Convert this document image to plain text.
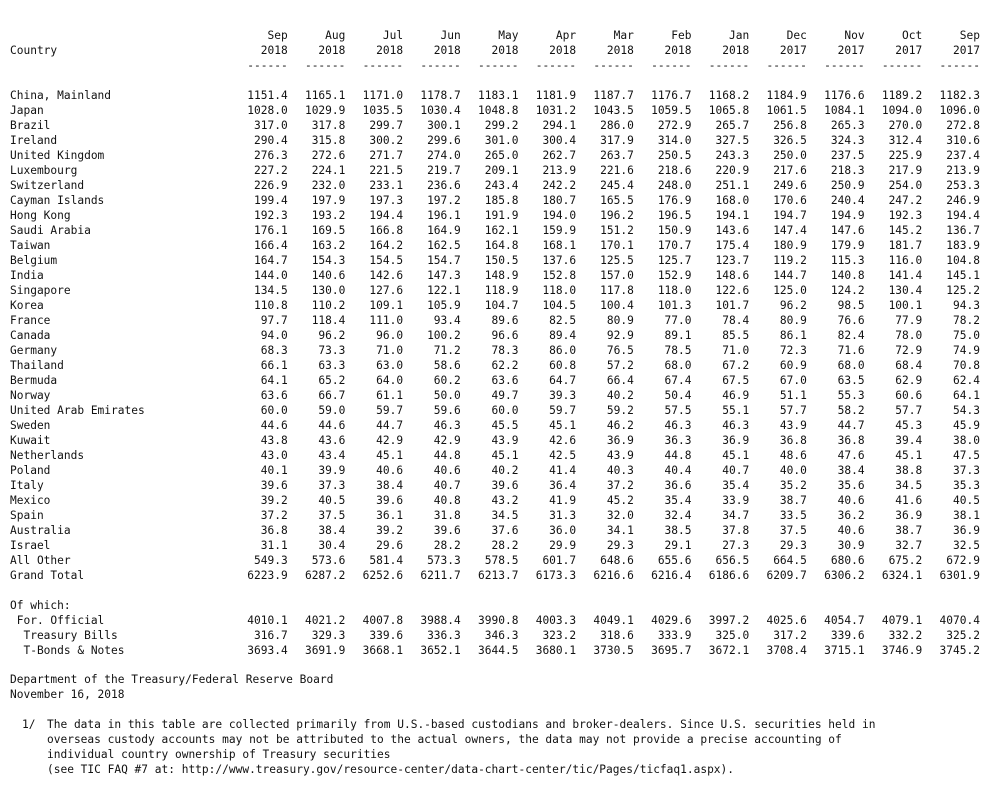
	Sep	Aug	Jul	Jun	May	Apr	Mar	Feb	Jan	Dec	Nov	Oct	Sep
Country	2018	2018	2018	2018	2018	2018	2018	2018	2018	2017	2017	2017	2017
	------	------	------	------	------	------	------	------	------	------	------	------	------

China, Mainland	1151.4	1165.1	1171.0	1178.7	1183.1	1181.9	1187.7	1176.7	1168.2	1184.9	1176.6	1189.2	1182.3
Japan	1028.0	1029.9	1035.5	1030.4	1048.8	1031.2	1043.5	1059.5	1065.8	1061.5	1084.1	1094.0	1096.0
Brazil	317.0	317.8	299.7	300.1	299.2	294.1	286.0	272.9	265.7	256.8	265.3	270.0	272.8
Ireland	290.4	315.8	300.2	299.6	301.0	300.4	317.9	314.0	327.5	326.5	324.3	312.4	310.6
United Kingdom	276.3	272.6	271.7	274.0	265.0	262.7	263.7	250.5	243.3	250.0	237.5	225.9	237.4
Luxembourg	227.2	224.1	221.5	219.7	209.1	213.9	221.6	218.6	220.9	217.6	218.3	217.9	213.9
Switzerland	226.9	232.0	233.1	236.6	243.4	242.2	245.4	248.0	251.1	249.6	250.9	254.0	253.3
Cayman Islands	199.4	197.9	197.3	197.2	185.8	180.7	165.5	176.9	168.0	170.6	240.4	247.2	246.9
Hong Kong	192.3	193.2	194.4	196.1	191.9	194.0	196.2	196.5	194.1	194.7	194.9	192.3	194.4
Saudi Arabia	176.1	169.5	166.8	164.9	162.1	159.9	151.2	150.9	143.6	147.4	147.6	145.2	136.7
Taiwan	166.4	163.2	164.2	162.5	164.8	168.1	170.1	170.7	175.4	180.9	179.9	181.7	183.9
Belgium	164.7	154.3	154.5	154.7	150.5	137.6	125.5	125.7	123.7	119.2	115.3	116.0	104.8
India	144.0	140.6	142.6	147.3	148.9	152.8	157.0	152.9	148.6	144.7	140.8	141.4	145.1
Singapore	134.5	130.0	127.6	122.1	118.9	118.0	117.8	118.0	122.6	125.0	124.2	130.4	125.2
Korea	110.8	110.2	109.1	105.9	104.7	104.5	100.4	101.3	101.7	96.2	98.5	100.1	94.3
France	97.7	118.4	111.0	93.4	89.6	82.5	80.9	77.0	78.4	80.9	76.6	77.9	78.2
Canada	94.0	96.2	96.0	100.2	96.6	89.4	92.9	89.1	85.5	86.1	82.4	78.0	75.0
Germany	68.3	73.3	71.0	71.2	78.3	86.0	76.5	78.5	71.0	72.3	71.6	72.9	74.9
Thailand	66.1	63.3	63.0	58.6	62.2	60.8	57.2	68.0	67.2	60.9	68.0	68.4	70.8
Bermuda	64.1	65.2	64.0	60.2	63.6	64.7	66.4	67.4	67.5	67.0	63.5	62.9	62.4
Norway	63.6	66.7	61.1	50.0	49.7	39.3	40.2	50.4	46.9	51.1	55.3	60.6	64.1
United Arab Emirates	60.0	59.0	59.7	59.6	60.0	59.7	59.2	57.5	55.1	57.7	58.2	57.7	54.3
Sweden	44.6	44.6	44.7	46.3	45.5	45.1	46.2	46.3	46.3	43.9	44.7	45.3	45.9
Kuwait	43.8	43.6	42.9	42.9	43.9	42.6	36.9	36.3	36.9	36.8	36.8	39.4	38.0
Netherlands	43.0	43.4	45.1	44.8	45.1	42.5	43.9	44.8	45.1	48.6	47.6	45.1	47.5
Poland	40.1	39.9	40.6	40.6	40.2	41.4	40.3	40.4	40.7	40.0	38.4	38.8	37.3
Italy	39.6	37.3	38.4	40.7	39.6	36.4	37.2	36.6	35.4	35.2	35.6	34.5	35.3
Mexico	39.2	40.5	39.6	40.8	43.2	41.9	45.2	35.4	33.9	38.7	40.6	41.6	40.5
Spain	37.2	37.5	36.1	31.8	34.5	31.3	32.0	32.4	34.7	33.5	36.2	36.9	38.1
Australia	36.8	38.4	39.2	39.6	37.6	36.0	34.1	38.5	37.8	37.5	40.6	38.7	36.9
Israel	31.1	30.4	29.6	28.2	28.2	29.9	29.3	29.1	27.3	29.3	30.9	32.7	32.5
All Other	549.3	573.6	581.4	573.3	578.5	601.7	648.6	655.6	656.5	664.5	680.6	675.2	672.9
Grand Total	6223.9	6287.2	6252.6	6211.7	6213.7	6173.3	6216.6	6216.4	6186.6	6209.7	6306.2	6324.1	6301.9

Of which:													
For. Official	4010.1	4021.2	4007.8	3988.4	3990.8	4003.3	4049.1	4029.6	3997.2	4025.6	4054.7	4079.1	4070.4
Treasury Bills	316.7	329.3	339.6	336.3	346.3	323.2	318.6	333.9	325.0	317.2	339.6	332.2	325.2
T-Bonds & Notes	3693.4	3691.9	3668.1	3652.1	3644.5	3680.1	3730.5	3695.7	3672.1	3708.4	3715.1	3746.9	3745.2
Department of the Treasury/Federal Reserve Board
November 16, 2018
1/	The data in this table are collected primarily from U.S.-based custodians and broker-dealers. Since U.S. securities held in
overseas custody accounts may not be attributed to the actual owners, the data may not provide a precise accounting of
individual country ownership of Treasury securities
(see TIC FAQ #7 at: http://www.treasury.gov/resource-center/data-chart-center/tic/Pages/ticfaq1.aspx).
